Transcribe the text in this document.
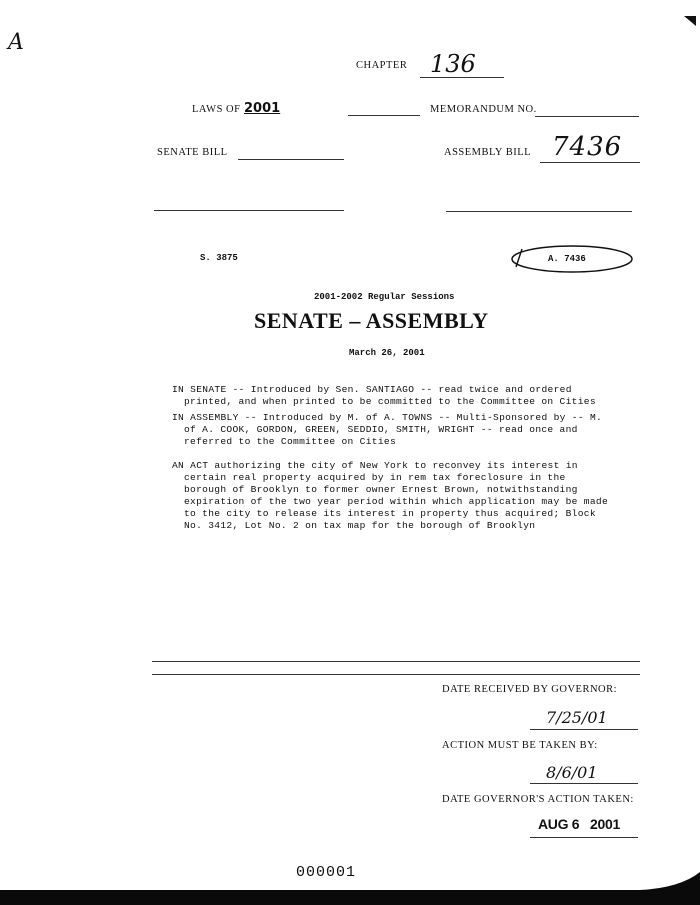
A
CHAPTER 136
LAWS OF 2001	MEMORANDUM NO.
SENATE BILL	ASSEMBLY BILL 7436
S. 3875	A. 7436
2001-2002 Regular Sessions
SENATE – ASSEMBLY
March 26, 2001
IN SENATE -- Introduced by Sen. SANTIAGO -- read twice and ordered
printed, and when printed to be committed to the Committee on Cities
IN ASSEMBLY -- Introduced by M. of A. TOWNS -- Multi-Sponsored by -- M.
of A. COOK, GORDON, GREEN, SEDDIO, SMITH, WRIGHT -- read once and
referred to the Committee on Cities
AN ACT authorizing the city of New York to reconvey its interest in
certain real property acquired by in rem tax foreclosure in the
borough of Brooklyn to former owner Ernest Brown, notwithstanding
expiration of the two year period within which application may be made
to the city to release its interest in property thus acquired; Block
No. 3412, Lot No. 2 on tax map for the borough of Brooklyn
DATE RECEIVED BY GOVERNOR:
7/25/01
ACTION MUST BE TAKEN BY:
8/6/01
DATE GOVERNOR'S ACTION TAKEN:
AUG 6   2001
000001
